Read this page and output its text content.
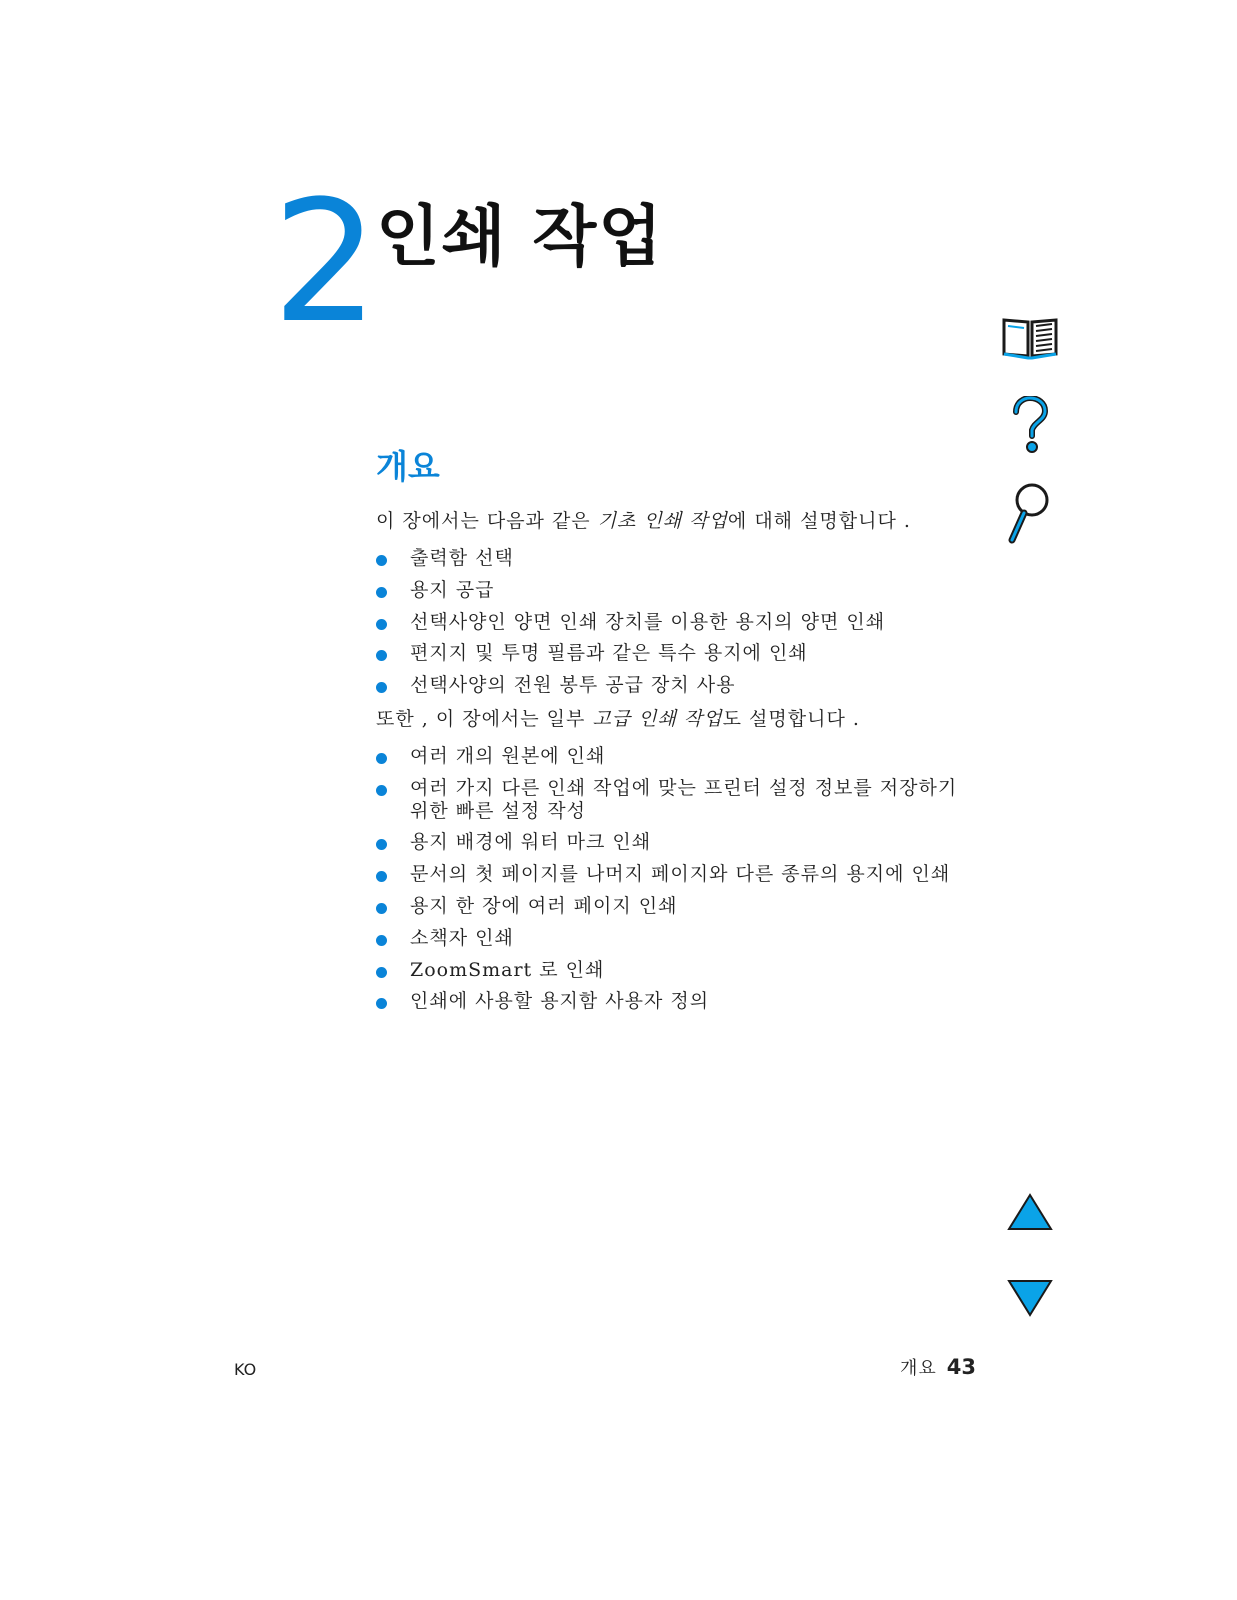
2
인쇄 작업
개요
이 장에서는 다음과 같은 기초 인쇄 작업에 대해 설명합니다 .
출력함 선택
용지 공급
선택사양인 양면 인쇄 장치를 이용한 용지의 양면 인쇄
편지지 및 투명 필름과 같은 특수 용지에 인쇄
선택사양의 전원 봉투 공급 장치 사용
또한 , 이 장에서는 일부 고급 인쇄 작업도 설명합니다 .
여러 개의 원본에 인쇄
여러 가지 다른 인쇄 작업에 맞는 프린터 설정 정보를 저장하기 위한 빠른 설정 작성
용지 배경에 워터 마크 인쇄
문서의 첫 페이지를 나머지 페이지와 다른 종류의 용지에 인쇄
용지 한 장에 여러 페이지 인쇄
소책자 인쇄
ZoomSmart 로 인쇄
인쇄에 사용할 용지함 사용자 정의
KO	개요 43
